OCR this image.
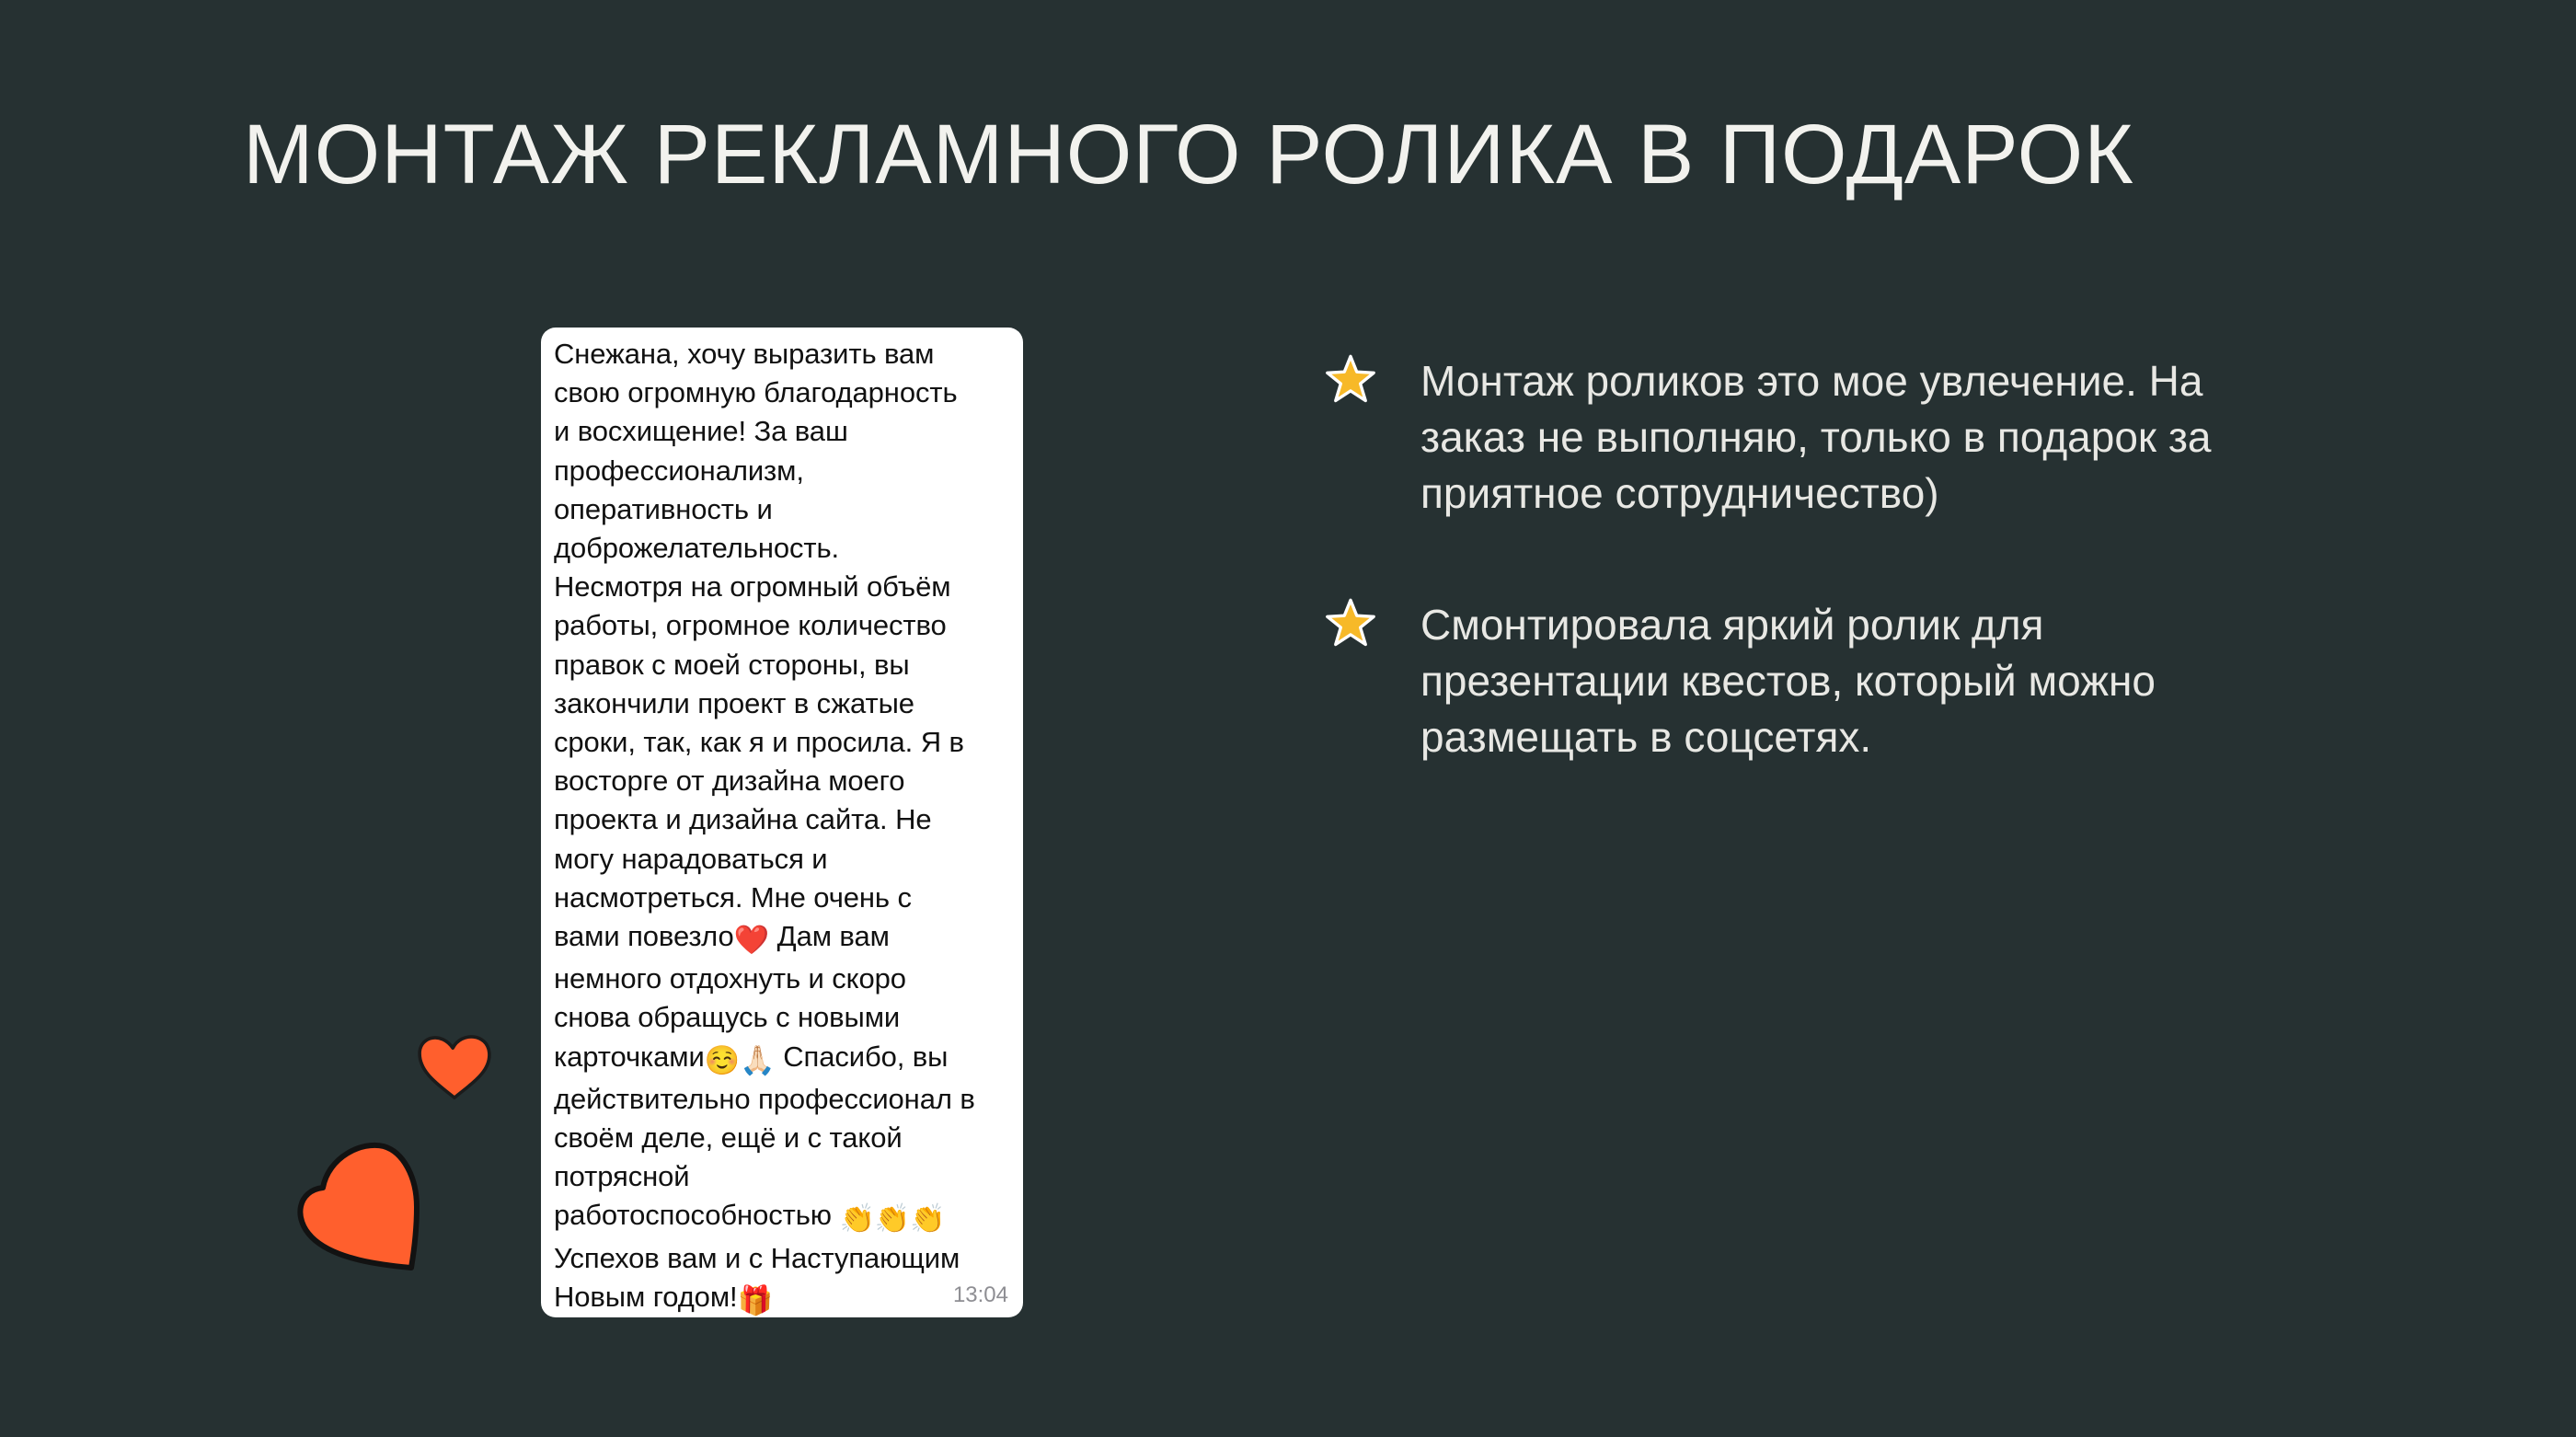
МОНТАЖ РЕКЛАМНОГО РОЛИКА В ПОДАРОК
Снежана, хочу выразить вам
свою огромную благодарность
и восхищение! За ваш
профессионализм,
оперативность и
доброжелательность.
Несмотря на огромный объём
работы, огромное количество
правок с моей стороны, вы
закончили проект в сжатые
сроки, так, как я и просила. Я в
восторге от дизайна моего
проекта и дизайна сайта. Не
могу нарадоваться и
насмотреться. Мне очень с
вами повезло❤️ Дам вам
немного отдохнуть и скоро
снова обращусь с новыми
карточками☺️🙏🏻 Спасибо, вы
действительно профессионал в
своём деле, ещё и с такой
потрясной
работоспособностью 👏👏👏
Успехов вам и с Наступающим
Новым годом!🎁	13:04
Монтаж роликов это мое увлечение. На
заказ не выполняю, только в подарок за
приятное сотрудничество)
Смонтировала яркий ролик для
презентации квестов, который можно
размещать в соцсетях.
